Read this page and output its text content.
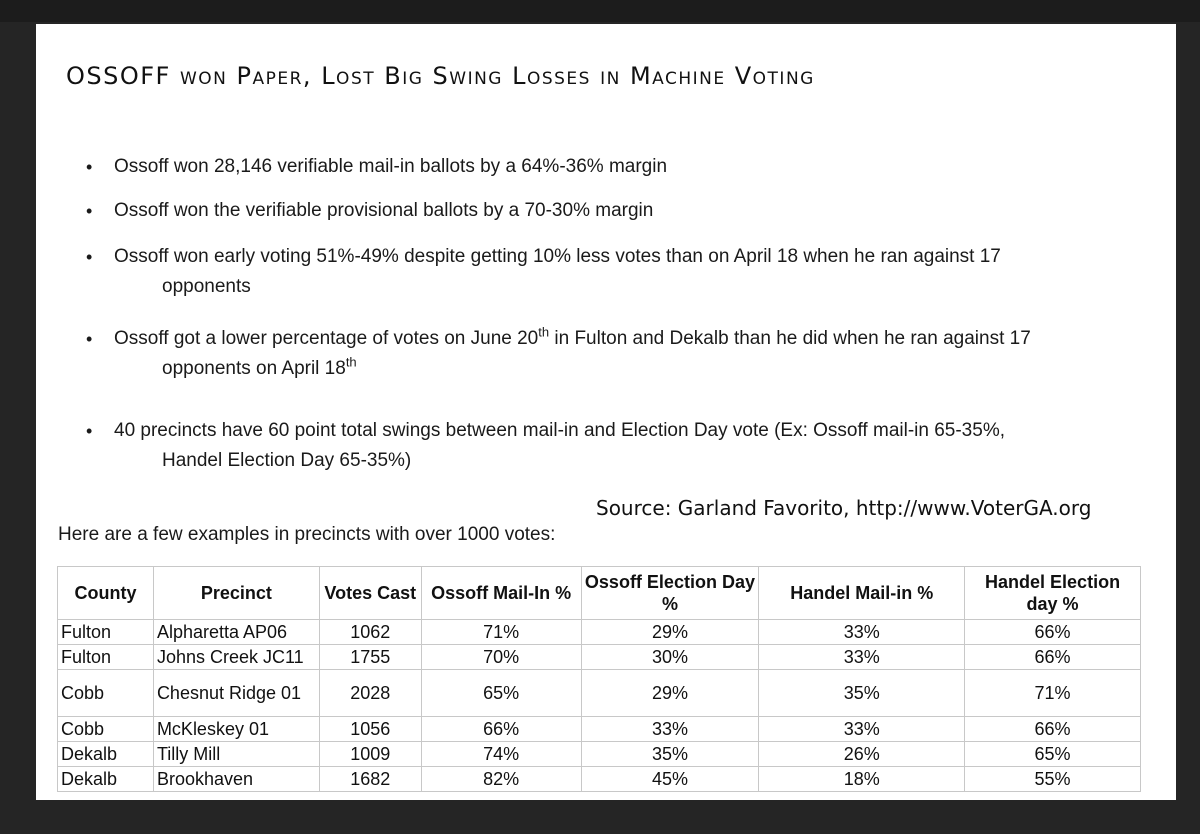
OSSOFF won Paper, Lost Big Swing Losses in Machine Voting
• Ossoff won 28,146 verifiable mail-in ballots by a 64%-36% margin
• Ossoff won the verifiable provisional ballots by a 70-30% margin
• Ossoff won early voting 51%-49% despite getting 10% less votes than on April 18 when he ran against 17
opponents
• Ossoff got a lower percentage of votes on June 20th in Fulton and Dekalb than he did when he ran against 17
opponents on April 18th
• 40 precincts have 60 point total swings between mail-in and Election Day vote (Ex: Ossoff mail-in 65-35%,
Handel Election Day 65-35%)
Source: Garland Favorito, http://www.VoterGA.org
Here are a few examples in precincts with over 1000 votes:
County	Precinct	Votes Cast	Ossoff Mail-In %	Ossoff Election Day %	Handel Mail-in %	Handel Election day %
Fulton	Alpharetta AP06	1062	71%	29%	33%	66%
Fulton	Johns Creek JC11	1755	70%	30%	33%	66%
Cobb	Chesnut Ridge 01	2028	65%	29%	35%	71%
Cobb	McKleskey 01	1056	66%	33%	33%	66%
Dekalb	Tilly Mill	1009	74%	35%	26%	65%
Dekalb	Brookhaven	1682	82%	45%	18%	55%
